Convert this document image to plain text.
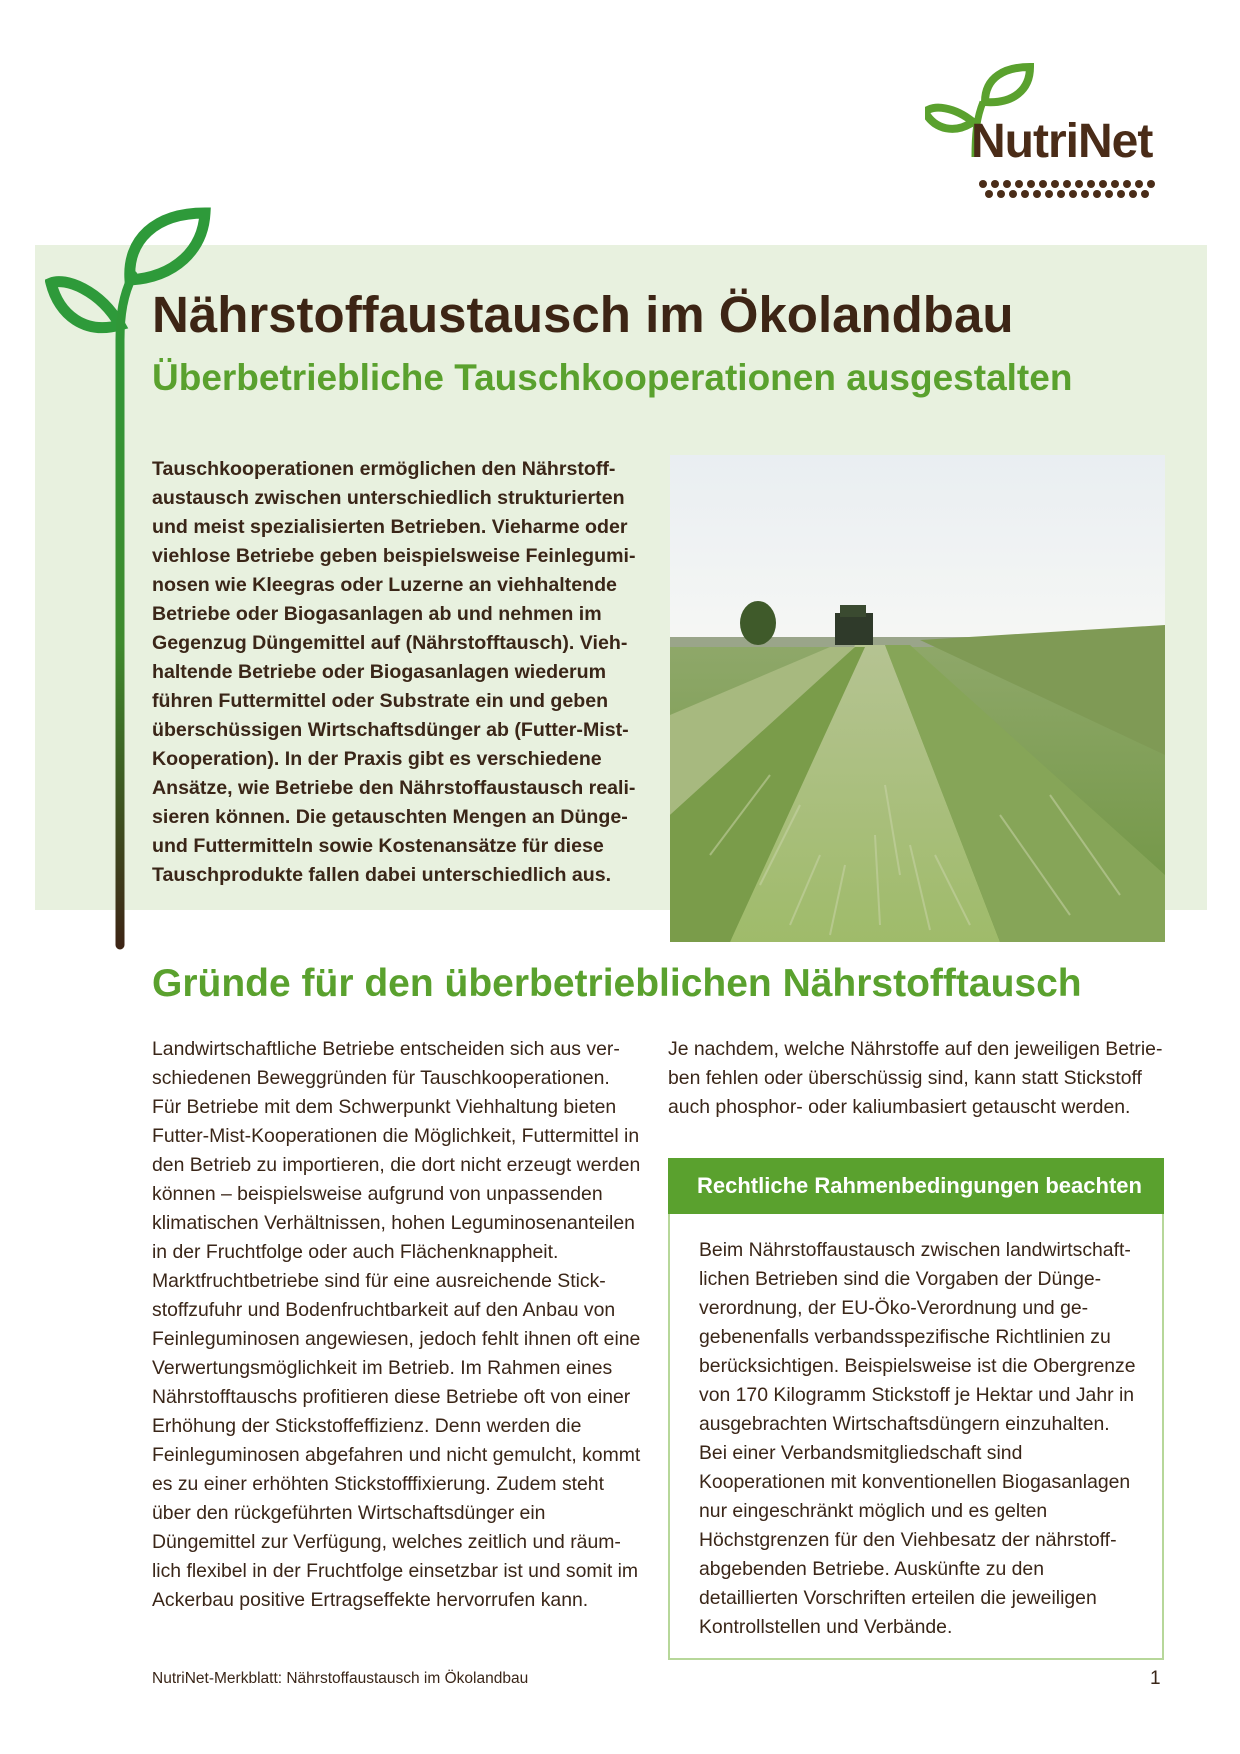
NutriNet
Nährstoffaustausch im Ökolandbau
Überbetriebliche Tauschkooperationen ausgestalten

Tauschkooperationen ermöglichen den Nährstoffaustausch zwischen unterschiedlich strukturierten und meist spezialisierten Betrieben. Vieharme oder viehlose Betriebe geben beispielsweise Feinleguminosen wie Kleegras oder Luzerne an viehhaltende Betriebe oder Biogasanlagen ab und nehmen im Gegenzug Düngemittel auf (Nährstofftausch). Viehhaltende Betriebe oder Biogasanlagen wiederum führen Futtermittel oder Substrate ein und geben überschüssigen Wirtschaftsdünger ab (Futter-Mist-Kooperation). In der Praxis gibt es verschiedene Ansätze, wie Betriebe den Nährstoffaustausch realisieren können. Die getauschten Mengen an Dünge- und Futtermitteln sowie Kostenansätze für diese Tauschprodukte fallen dabei unterschiedlich aus.

Gründe für den überbetrieblichen Nährstofftausch

Landwirtschaftliche Betriebe entscheiden sich aus verschiedenen Beweggründen für Tauschkooperationen. Für Betriebe mit dem Schwerpunkt Viehhaltung bieten Futter-Mist-Kooperationen die Möglichkeit, Futtermittel in den Betrieb zu importieren, die dort nicht erzeugt werden können – beispielsweise aufgrund von unpassenden klimatischen Verhältnissen, hohen Leguminosenanteilen in der Fruchtfolge oder auch Flächenknappheit. Marktfruchtbetriebe sind für eine ausreichende Stickstoffzufuhr und Bodenfruchtbarkeit auf den Anbau von Feinleguminosen angewiesen, jedoch fehlt ihnen oft eine Verwertungsmöglichkeit im Betrieb. Im Rahmen eines Nährstofftauschs profitieren diese Betriebe oft von einer Erhöhung der Stickstoffeffizienz. Denn werden die Feinleguminosen abgefahren und nicht gemulcht, kommt es zu einer erhöhten Stickstofffixierung. Zudem steht über den rückgeführten Wirtschaftsdünger ein Düngemittel zur Verfügung, welches zeitlich und räumlich flexibel in der Fruchtfolge einsetzbar ist und somit im Ackerbau positive Ertragseffekte hervorrufen kann.

Je nachdem, welche Nährstoffe auf den jeweiligen Betrieben fehlen oder überschüssig sind, kann statt Stickstoff auch phosphor- oder kaliumbasiert getauscht werden.

Rechtliche Rahmenbedingungen beachten

Beim Nährstoffaustausch zwischen landwirtschaftlichen Betrieben sind die Vorgaben der Düngeverordnung, der EU-Öko-Verordnung und gegebenenfalls verbandsspezifische Richtlinien zu berücksichtigen. Beispielsweise ist die Obergrenze von 170 Kilogramm Stickstoff je Hektar und Jahr in ausgebrachten Wirtschaftsdüngern einzuhalten. Bei einer Verbandsmitgliedschaft sind Kooperationen mit konventionellen Biogasanlagen nur eingeschränkt möglich und es gelten Höchstgrenzen für den Viehbesatz der nährstoffabgebenden Betriebe. Auskünfte zu den detaillierten Vorschriften erteilen die jeweiligen Kontrollstellen und Verbände.

NutriNet-Merkblatt: Nährstoffaustausch im Ökolandbau	1
